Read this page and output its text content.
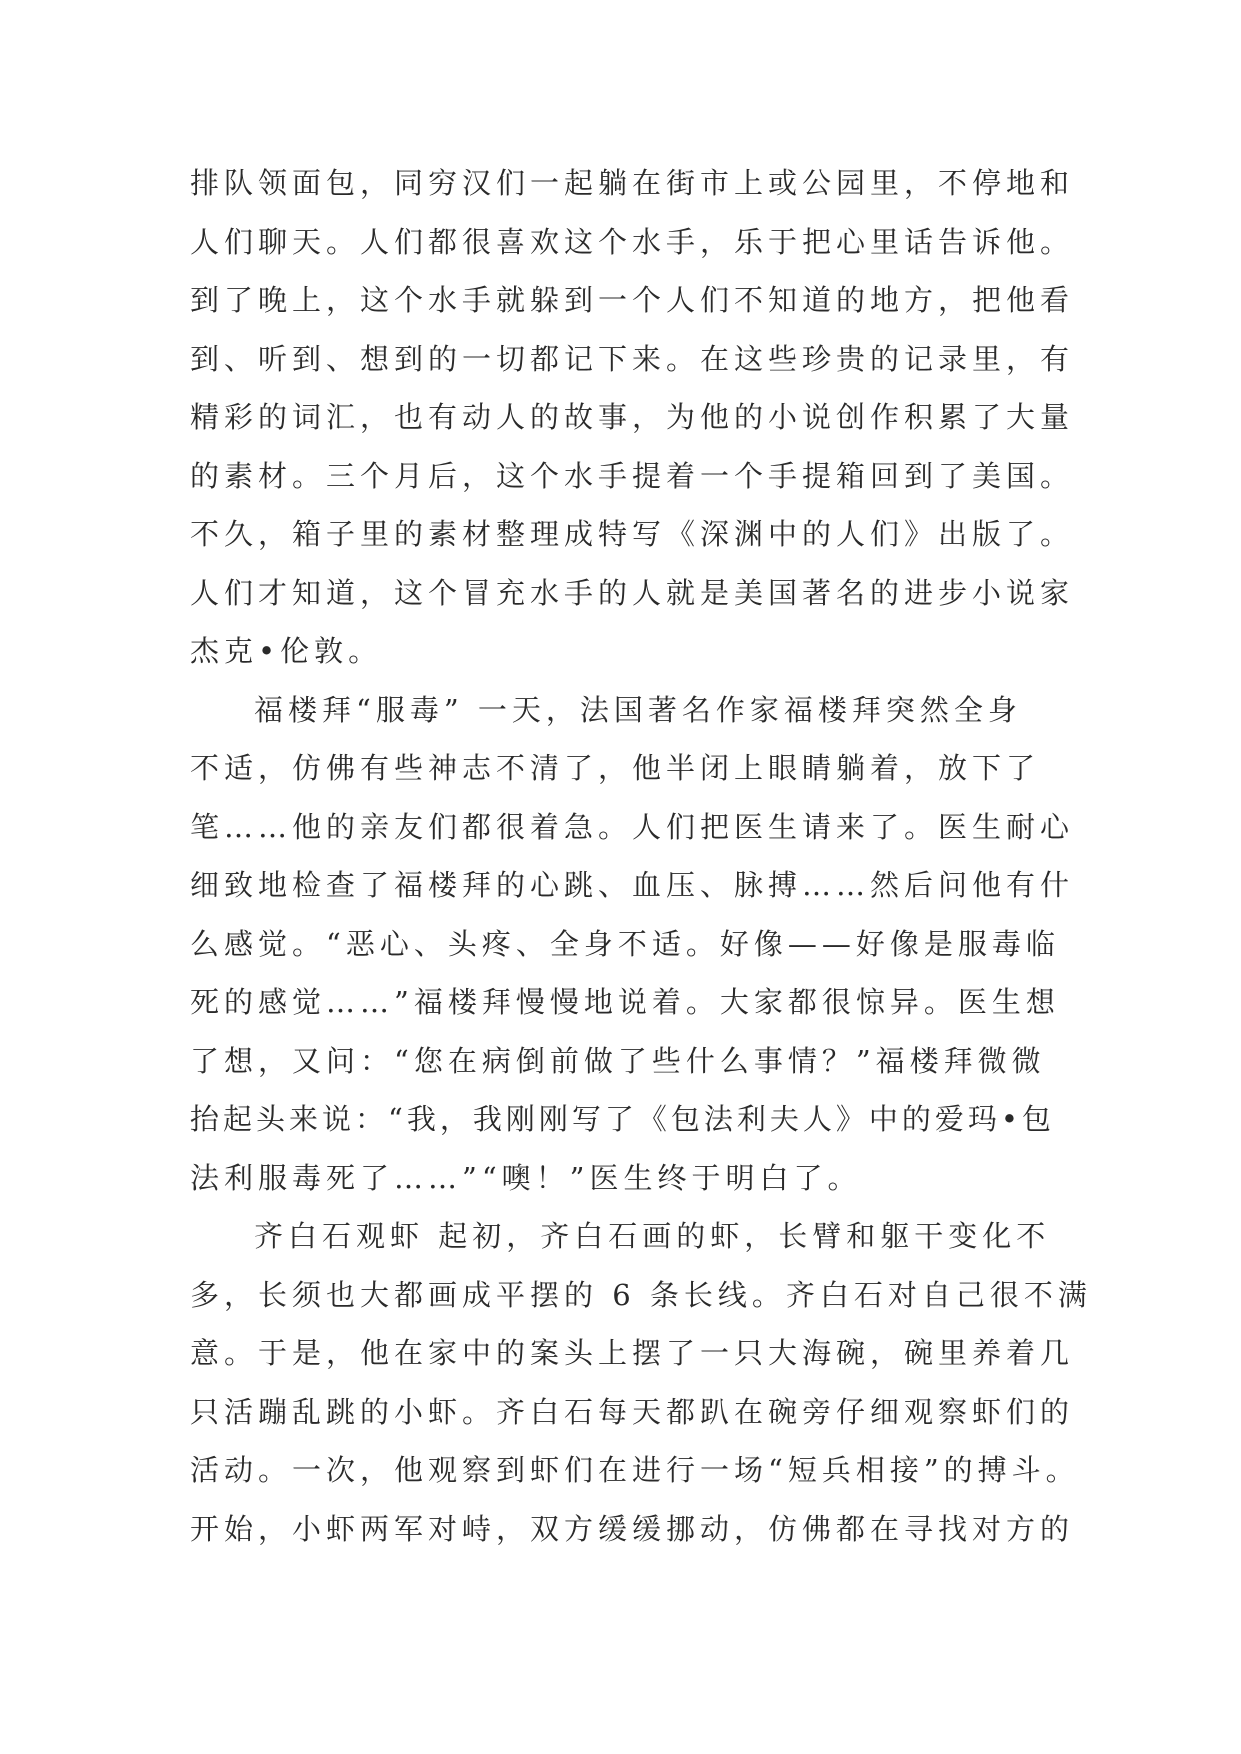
排队领面包，同穷汉们一起躺在街市上或公园里，不停地和
人们聊天。人们都很喜欢这个水手，乐于把心里话告诉他。
到了晚上，这个水手就躲到一个人们不知道的地方，把他看
到、听到、想到的一切都记下来。在这些珍贵的记录里，有
精彩的词汇，也有动人的故事，为他的小说创作积累了大量
的素材。三个月后，这个水手提着一个手提箱回到了美国。
不久，箱子里的素材整理成特写《深渊中的人们》出版了。
人们才知道，这个冒充水手的人就是美国著名的进步小说家
杰克•伦敦。
福楼拜“服毒” 一天，法国著名作家福楼拜突然全身
不适，仿佛有些神志不清了，他半闭上眼睛躺着，放下了
笔……他的亲友们都很着急。人们把医生请来了。医生耐心
细致地检查了福楼拜的心跳、血压、脉搏……然后问他有什
么感觉。“恶心、头疼、全身不适。好像——好像是服毒临
死的感觉……”福楼拜慢慢地说着。大家都很惊异。医生想
了想，又问：“您在病倒前做了些什么事情？”福楼拜微微
抬起头来说：“我，我刚刚写了《包法利夫人》中的爱玛•包
法利服毒死了……”“噢！”医生终于明白了。
齐白石观虾 起初，齐白石画的虾，长臂和躯干变化不
多，长须也大都画成平摆的 6 条长线。齐白石对自己很不满
意。于是，他在家中的案头上摆了一只大海碗，碗里养着几
只活蹦乱跳的小虾。齐白石每天都趴在碗旁仔细观察虾们的
活动。一次，他观察到虾们在进行一场“短兵相接”的搏斗。
开始，小虾两军对峙，双方缓缓挪动，仿佛都在寻找对方的
